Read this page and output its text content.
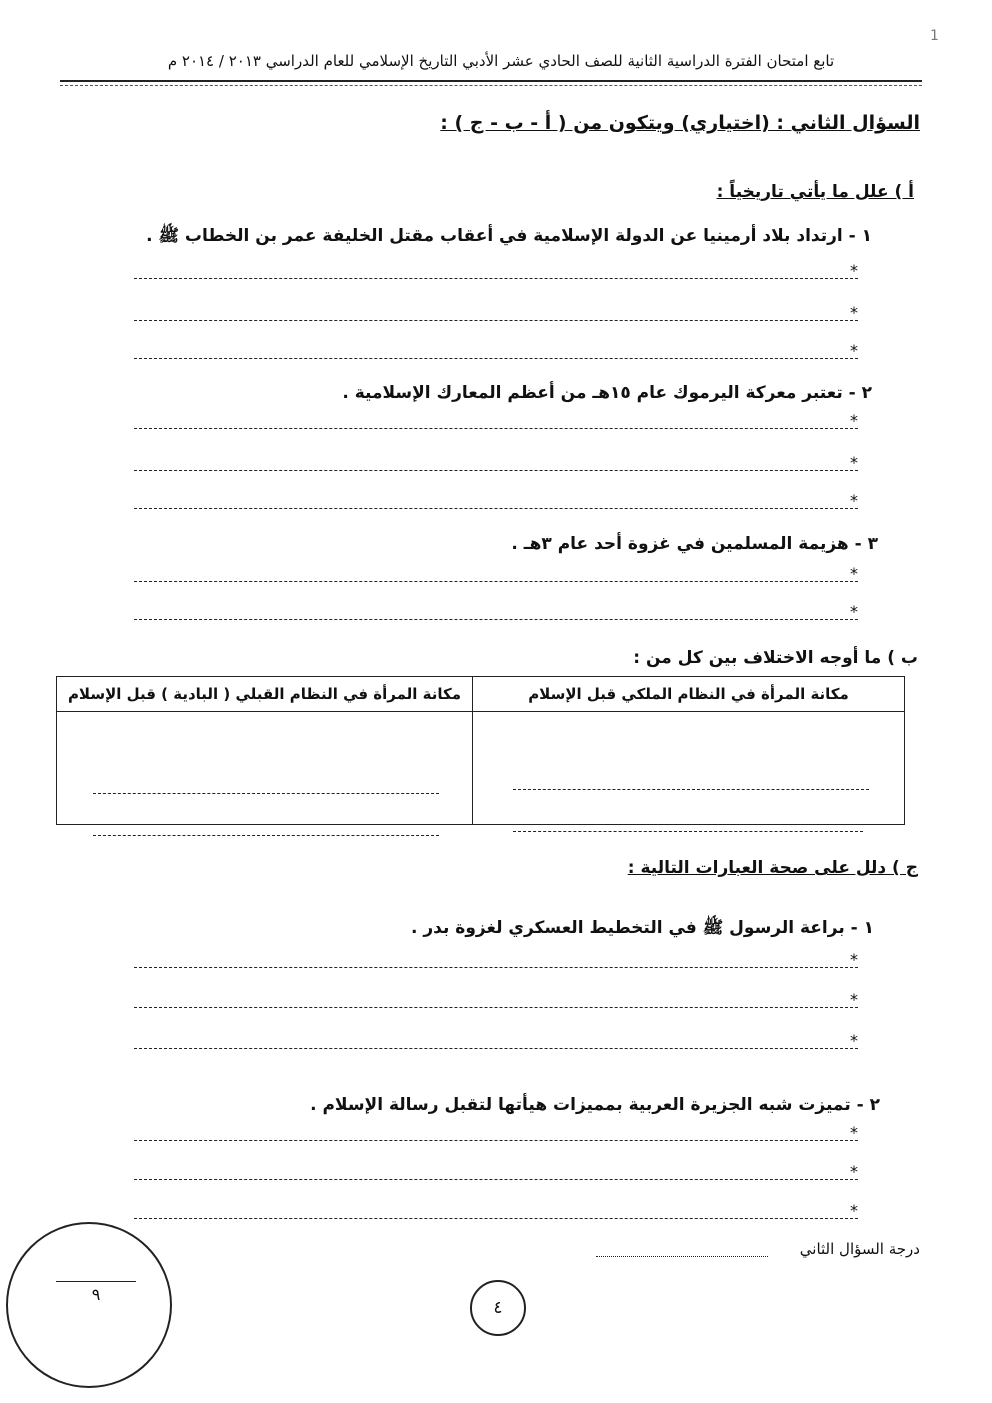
1
تابع امتحان الفترة الدراسية الثانية للصف الحادي عشر الأدبي التاريخ الإسلامي للعام الدراسي ٢٠١٣ / ٢٠١٤ م
السؤال الثاني : (اختياري) ويتكون من ( أ - ب - ج ) :
أ ) علل ما يأتي تاريخياً :
١ - ارتداد بلاد أرمينيا عن الدولة الإسلامية في أعقاب مقتل الخليفة عمر بن الخطاب ﷺ .
*
*
*
٢ - تعتبر معركة اليرموك عام ١٥هـ من أعظم المعارك الإسلامية .
*
*
*
٣ - هزيمة المسلمين في غزوة أحد عام ٣هـ .
*
*
ب ) ما أوجه الاختلاف بين كل من :
مكانة المرأة في النظام الملكي قبل الإسلام	مكانة المرأة في النظام القبلي ( البادية ) قبل الإسلام

ج ) دلل على صحة العبارات التالية :
١ - براعة الرسول ﷺ في التخطيط العسكري لغزوة بدر .
*
*
*
٢ - تميزت شبه الجزيرة العربية بمميزات هيأتها لتقبل رسالة الإسلام .
*
*
*
درجة السؤال الثاني
٤
٩
